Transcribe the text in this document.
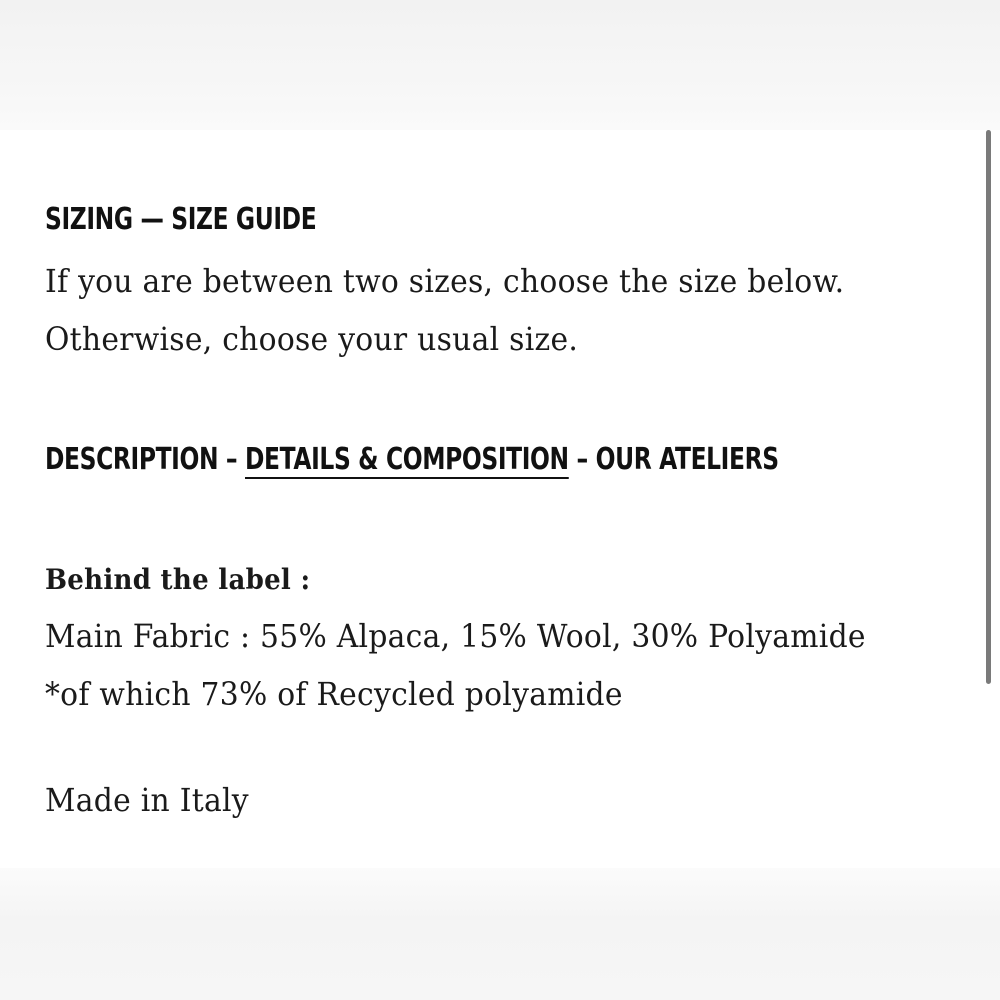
SIZING — SIZE GUIDE

If you are between two sizes, choose the size below.

Otherwise, choose your usual size.

DESCRIPTION – DETAILS & COMPOSITION – OUR ATELIERS

Behind the label :

Main Fabric : 55% Alpaca, 15% Wool, 30% Polyamide

*of which 73% of Recycled polyamide

Made in Italy
